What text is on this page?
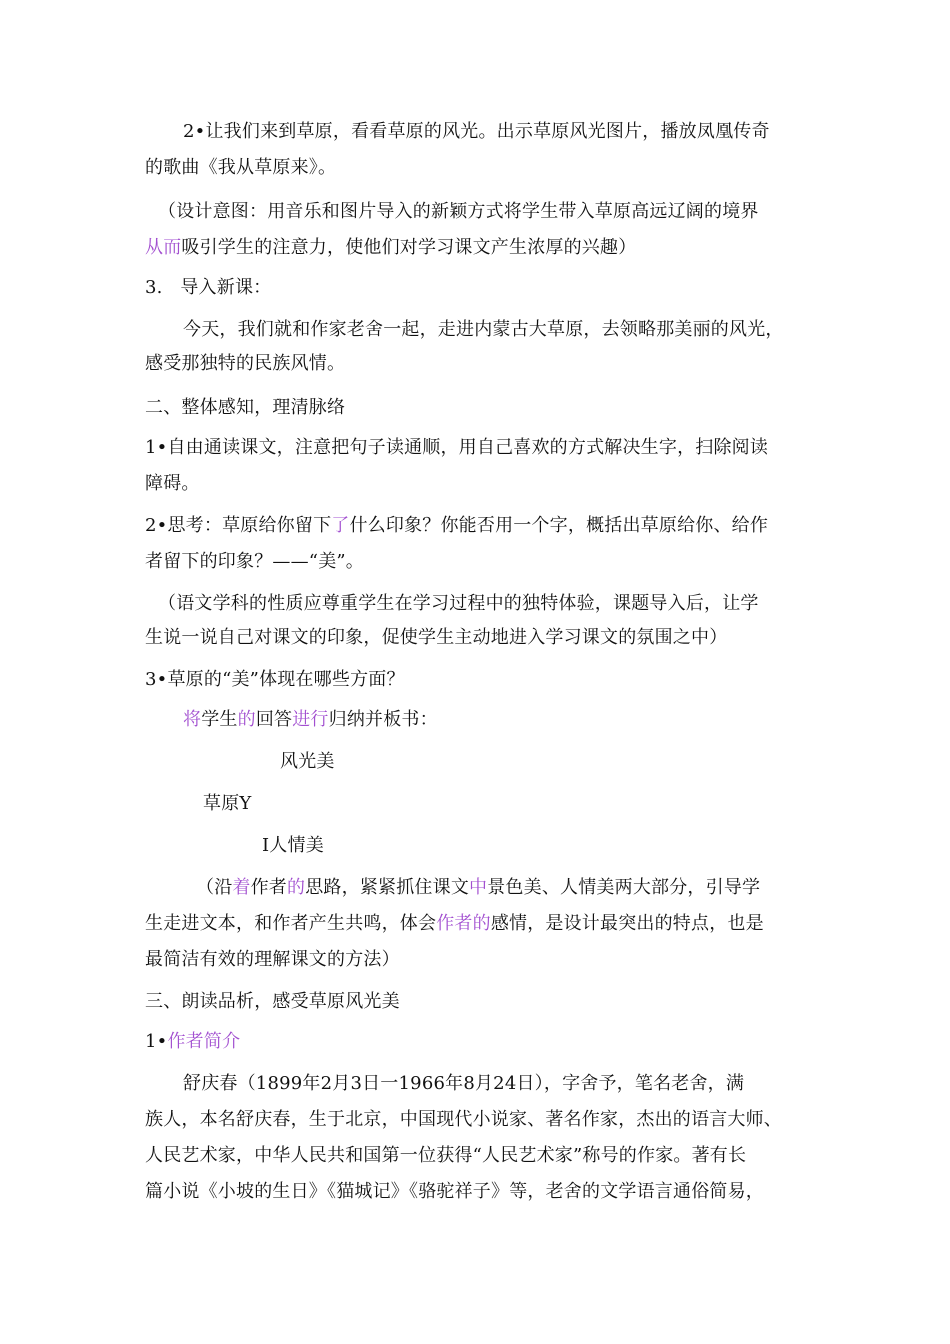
2•让我们来到草原，看看草原的风光。出示草原风光图片，播放凤凰传奇
的歌曲《我从草原来》。
（设计意图：用音乐和图片导入的新颖方式将学生带入草原高远辽阔的境界
从而吸引学生的注意力，使他们对学习课文产生浓厚的兴趣）
3.   导入新课：
今天，我们就和作家老舍一起，走进内蒙古大草原，去领略那美丽的风光，
感受那独特的民族风情。
二、整体感知，理清脉络
1•自由通读课文，注意把句子读通顺，用自己喜欢的方式解决生字，扫除阅读
障碍。
2•思考：草原给你留下了什么印象？你能否用一个字，概括出草原给你、给作
者留下的印象？——“美”。
（语文学科的性质应尊重学生在学习过程中的独特体验，课题导入后，让学
生说一说自己对课文的印象，促使学生主动地进入学习课文的氛围之中）
3•草原的“美”体现在哪些方面？
将学生的回答进行归纳并板书：
风光美
草原Y
I人情美
（沿着作者的思路，紧紧抓住课文中景色美、人情美两大部分，引导学
生走进文本，和作者产生共鸣，体会作者的感情，是设计最突出的特点，也是
最简洁有效的理解课文的方法）
三、朗读品析，感受草原风光美
1•作者简介
舒庆春（1899年2月3日一1966年8月24日），字舍予，笔名老舍，满
族人，本名舒庆春，生于北京，中国现代小说家、著名作家，杰出的语言大师、
人民艺术家，中华人民共和国第一位获得“人民艺术家”称号的作家。著有长
篇小说《小坡的生日》《猫城记》《骆驼祥子》等，老舍的文学语言通俗简易，
